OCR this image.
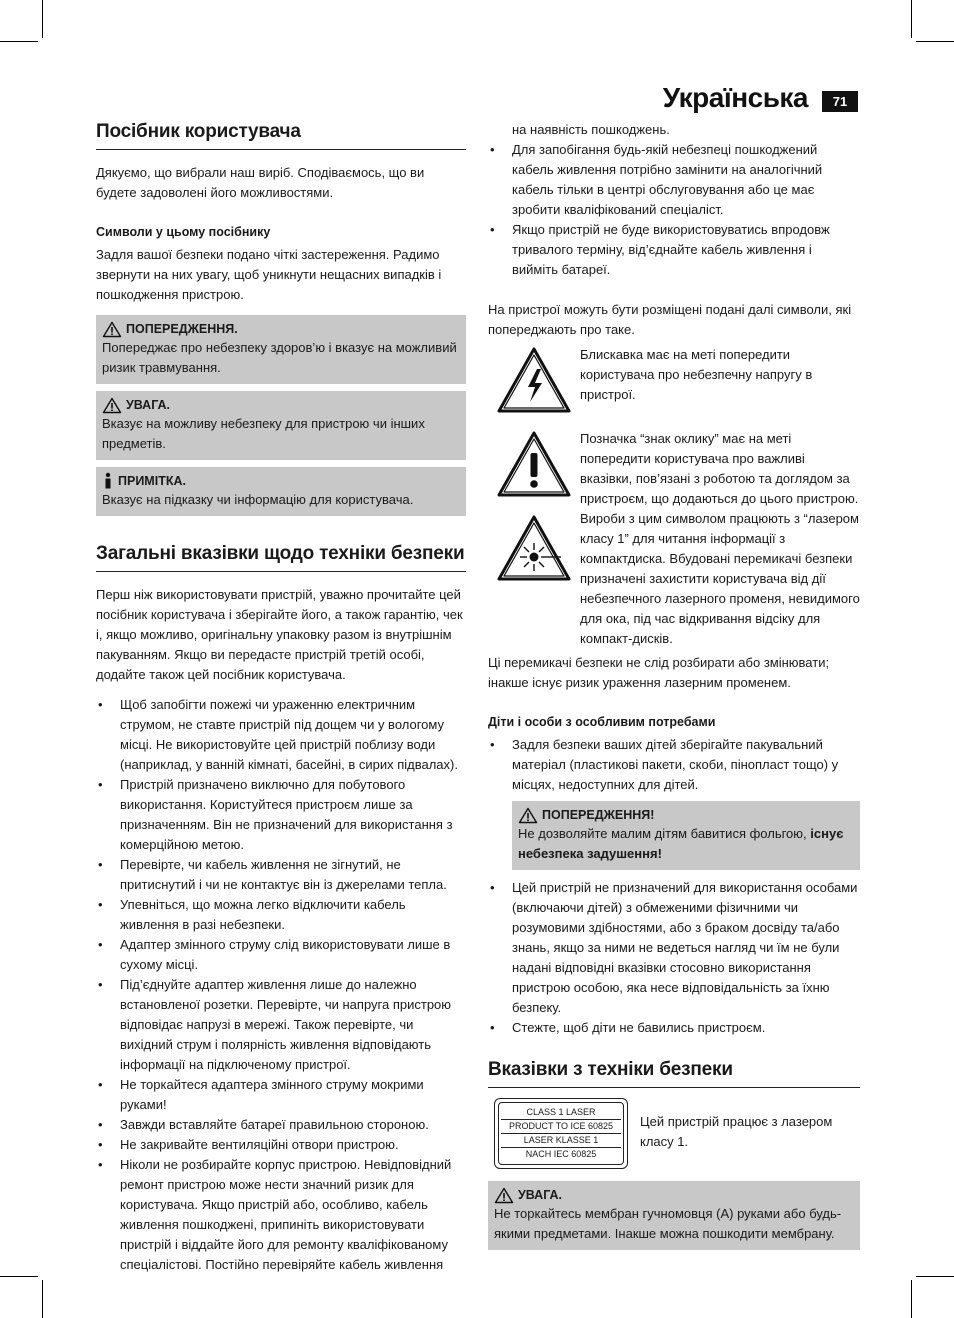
Українська	71
Посібник користувача

Дякуємо, що вибрали наш виріб. Сподіваємось, що ви будете задоволені його можливостями.

Символи у цьому посібнику

Задля вашої безпеки подано чіткі застереження. Радимо звернути на них увагу, щоб уникнути нещасних випадків і пошкодження пристрою.

ПОПЕРЕДЖЕННЯ.
Попереджає про небезпеку здоров’ю і вказує на можливий ризик травмування.
УВАГА.
Вказує на можливу небезпеку для пристрою чи інших предметів.
ПРИМІТКА.
Вказує на підказку чи інформацію для користувача.
Загальні вказівки щодо техніки безпеки

Перш ніж використовувати пристрій, уважно прочитайте цей посібник користувача і зберігайте його, а також гарантію, чек і, якщо можливо, оригінальну упаковку разом із внутрішнім пакуванням. Якщо ви передасте пристрій третій особі, додайте також цей посібник користувача.

• Щоб запобігти пожежі чи ураженню електричним струмом, не ставте пристрій під дощем чи у вологому місці. Не використовуйте цей пристрій поблизу води (наприклад, у ванній кімнаті, басейні, в сирих підвалах).
• Пристрій призначено виключно для побутового використання. Користуйтеся пристроєм лише за призначенням. Він не призначений для використання з комерційною метою.
• Перевірте, чи кабель живлення не зігнутий, не притиснутий і чи не контактує він із джерелами тепла.
• Упевніться, що можна легко відключити кабель живлення в разі небезпеки.
• Адаптер змінного струму слід використовувати лише в сухому місці.
• Під’єднуйте адаптер живлення лише до належно встановленої розетки. Перевірте, чи напруга пристрою відповідає напрузі в мережі. Також перевірте, чи вихідний струм і полярність живлення відповідають інформації на підключеному пристрої.
• Не торкайтеся адаптера змінного струму мокрими руками!
• Завжди вставляйте батареї правильною стороною.
• Не закривайте вентиляційні отвори пристрою.
• Ніколи не розбирайте корпус пристрою. Невідповідний ремонт пристрою може нести значний ризик для користувача. Якщо пристрій або, особливо, кабель живлення пошкоджені, припиніть використовувати пристрій і віддайте його для ремонту кваліфікованому спеціалістові. Постійно перевіряйте кабель живлення

на наявність пошкоджень.

• Для запобігання будь-якій небезпеці пошкоджений кабель живлення потрібно замінити на аналогічний кабель тільки в центрі обслуговування або це має зробити кваліфікований спеціаліст.
• Якщо пристрій не буде використовуватись впродовж тривалого терміну, від’єднайте кабель живлення і вийміть батареї.

На пристрої можуть бути розміщені подані далі символи, які попереджають про таке.

Блискавка має на меті попередити користувача про небезпечну напругу в пристрої.
Позначка “знак оклику” має на меті попередити користувача про важливі вказівки, пов’язані з роботою та доглядом за пристроєм, що додаються до цього пристрою.
Вироби з цим символом працюють з “лазером класу 1” для читання інформації з компактдиска. Вбудовані перемикачі безпеки призначені захистити користувача від дії небезпечного лазерного променя, невидимого для ока, під час відкривання відсіку для компакт-дисків.

Ці перемикачі безпеки не слід розбирати або змінювати; інакше існує ризик ураження лазерним променем.

Діти і особи з особливим потребами
• Задля безпеки ваших дітей зберігайте пакувальний матеріал (пластикові пакети, скоби, пінопласт тощо) у місцях, недоступних для дітей.
ПОПЕРЕДЖЕННЯ!
Не дозволяйте малим дітям бавитися фольгою, існує небезпека задушення!
• Цей пристрій не призначений для використання особами (включаючи дітей) з обмеженими фізичними чи розумовими здібностями, або з браком досвіду та/або знань, якщо за ними не ведеться нагляд чи їм не були надані відповідні вказівки стосовно використання пристрою особою, яка несе відповідальність за їхню безпеку.
• Стежте, щоб діти не бавились пристроєм.
Вказівки з техніки безпеки
CLASS 1 LASER
PRODUCT TO ICE 60825
LASER KLASSE 1
NACH IEC 60825
Цей пристрій працює з лазером класу 1.
УВАГА.
Не торкайтесь мембран гучномовця (A) руками або будь-якими предметами. Інакше можна пошкодити мембрану.
